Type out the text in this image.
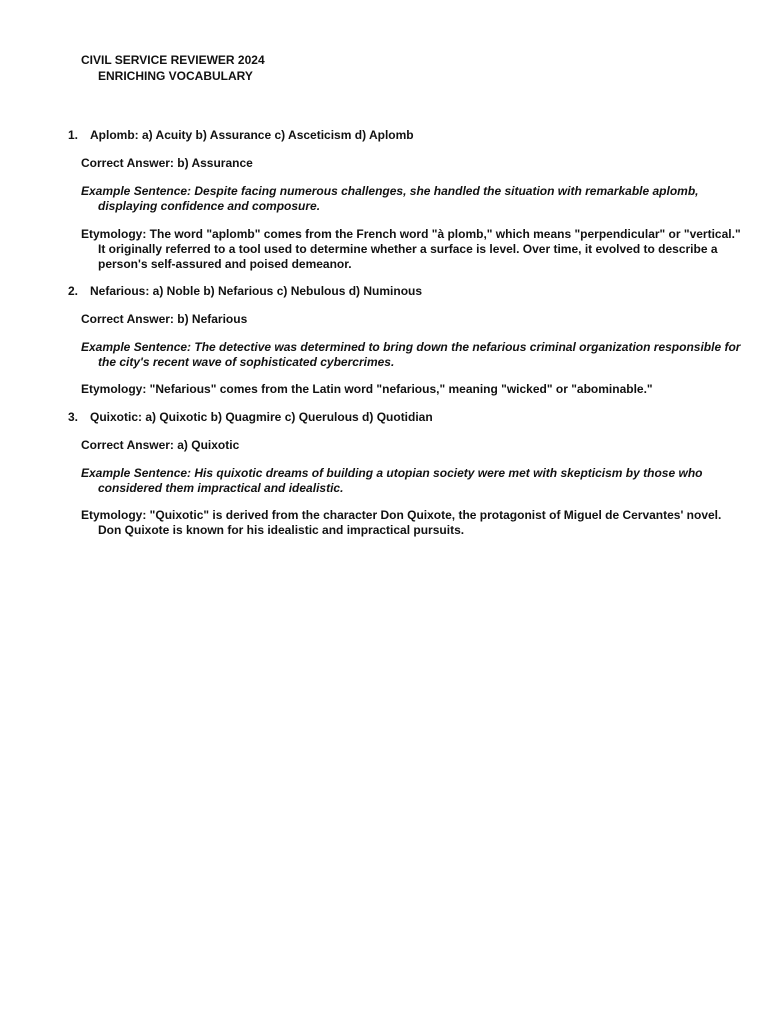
CIVIL SERVICE REVIEWER 2024
ENRICHING VOCABULARY
1. Aplomb: a) Acuity b) Assurance c) Asceticism d) Aplomb
Correct Answer: b) Assurance
Example Sentence: Despite facing numerous challenges, she handled the situation with remarkable aplomb, displaying confidence and composure.
Etymology: The word "aplomb" comes from the French word "à plomb," which means "perpendicular" or "vertical." It originally referred to a tool used to determine whether a surface is level. Over time, it evolved to describe a person's self-assured and poised demeanor.
2. Nefarious: a) Noble b) Nefarious c) Nebulous d) Numinous
Correct Answer: b) Nefarious
Example Sentence: The detective was determined to bring down the nefarious criminal organization responsible for the city's recent wave of sophisticated cybercrimes.
Etymology: "Nefarious" comes from the Latin word "nefarious," meaning "wicked" or "abominable."
3. Quixotic: a) Quixotic b) Quagmire c) Querulous d) Quotidian
Correct Answer: a) Quixotic
Example Sentence: His quixotic dreams of building a utopian society were met with skepticism by those who considered them impractical and idealistic.
Etymology: "Quixotic" is derived from the character Don Quixote, the protagonist of Miguel de Cervantes' novel. Don Quixote is known for his idealistic and impractical pursuits.
